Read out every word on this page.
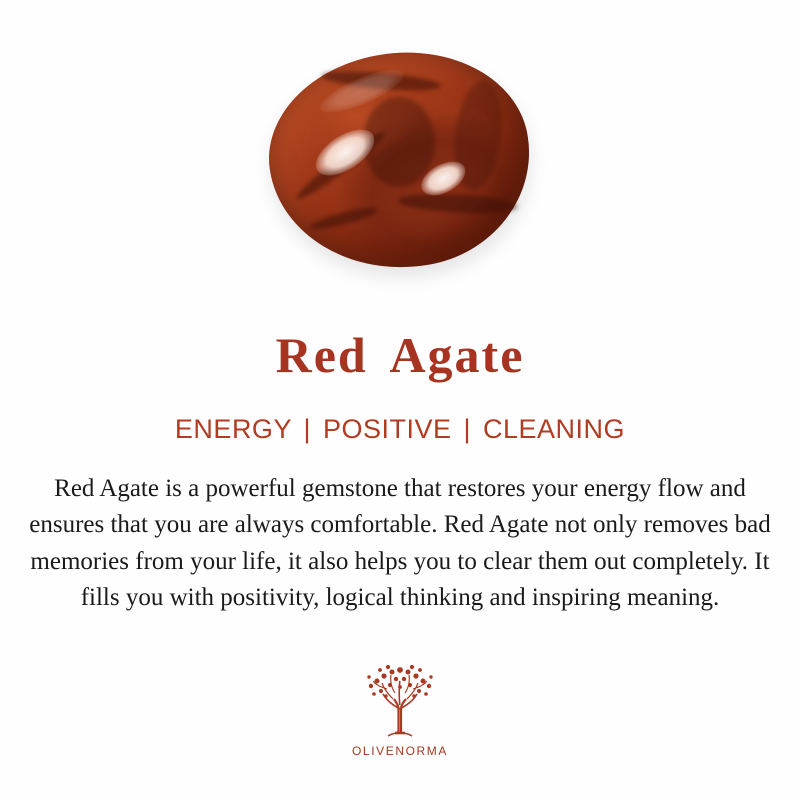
Red Agate
ENERGY | POSITIVE | CLEANING

Red Agate is a powerful gemstone that restores your energy flow and ensures that you are always comfortable. Red Agate not only removes bad memories from your life, it also helps you to clear them out completely. It fills you with positivity, logical thinking and inspiring meaning.

OLIVENORMA
